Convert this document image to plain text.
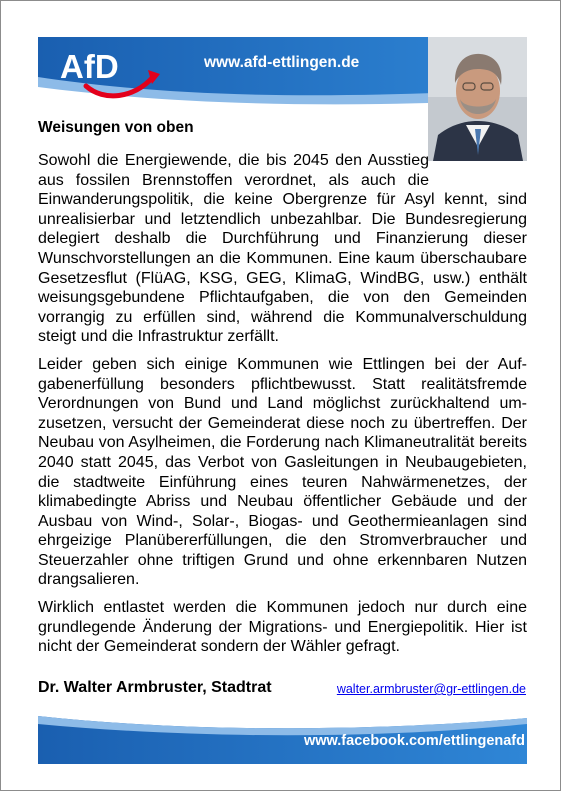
AfD	www.afd-ettlingen.de
Weisungen von oben

Sowohl die Energiewende, die bis 2045 den Ausstieg aus fossilen Brennstoffen verordnet, als auch die Einwanderungspolitik, die keine Obergrenze für Asyl kennt, sind unrealisierbar und letztendlich unbezahlbar. Die Bundesregierung delegiert deshalb die Durchführung und Finanzierung dieser Wunschvorstellungen an die Kommunen. Eine kaum überschaubare Gesetzesflut (FlüAG, KSG, GEG, KlimaG, WindBG, usw.) enthält weisungsgebundene Pflichtaufgaben, die von den Gemeinden vorrangig zu erfüllen sind, während die Kommunalverschuldung steigt und die Infrastruktur zerfällt.

Leider geben sich einige Kommunen wie Ettlingen bei der Aufgabenerfüllung besonders pflichtbewusst. Statt realitätsfremde Verordnungen von Bund und Land möglichst zurückhaltend umzusetzen, versucht der Gemeinderat diese noch zu übertreffen. Der Neubau von Asylheimen, die Forderung nach Klimaneutralität bereits 2040 statt 2045, das Verbot von Gasleitungen in Neubaugebieten, die stadtweite Einführung eines teuren Nahwärmenetzes, der klimabedingte Abriss und Neubau öffentlicher Gebäude und der Ausbau von Wind-, Solar-, Biogas- und Geothermieanlagen sind ehrgeizige Planübererfüllungen, die den Stromverbraucher und Steuerzahler ohne triftigen Grund und ohne erkennbaren Nutzen drangsalieren.

Wirklich entlastet werden die Kommunen jedoch nur durch eine grundlegende Änderung der Migrations- und Energiepolitik. Hier ist nicht der Gemeinderat sondern der Wähler gefragt.

Dr. Walter Armbruster, Stadtrat	walter.armbruster@gr-ettlingen.de
www.facebook.com/ettlingenafd
